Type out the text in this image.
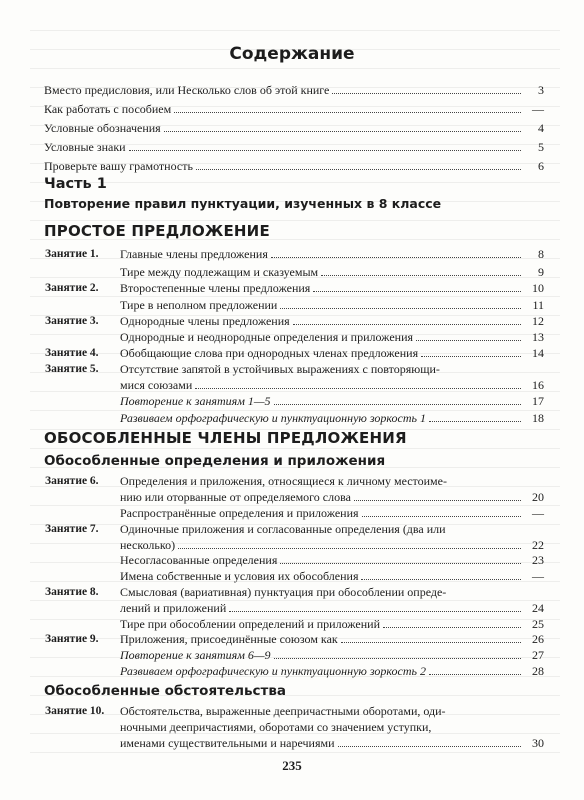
Содержание
Вместо предисловия, или Несколько слов об этой книге	3
Как работать с пособием	—
Условные обозначения	4
Условные знаки	5
Проверьте вашу грамотность	6
Часть 1
Повторение правил пунктуации, изученных в 8 классе
ПРОСТОЕ ПРЕДЛОЖЕНИЕ
Занятие 1. Главные члены предложения	8
Тире между подлежащим и сказуемым	9
Занятие 2. Второстепенные члены предложения	10
Тире в неполном предложении	11
Занятие 3. Однородные члены предложения	12
Однородные и неоднородные определения и приложения	13
Занятие 4. Обобщающие слова при однородных членах предложения	14
Занятие 5. Отсутствие запятой в устойчивых выражениях с повторяющи-
мися союзами	16
Повторение к занятиям 1—5	17
Развиваем орфографическую и пунктуационную зоркость 1	18
ОБОСОБЛЕННЫЕ ЧЛЕНЫ ПРЕДЛОЖЕНИЯ
Обособленные определения и приложения
Занятие 6. Определения и приложения, относящиеся к личному местоиме-
нию или оторванные от определяемого слова	20
Распространённые определения и приложения	—
Занятие 7. Одиночные приложения и согласованные определения (два или
несколько)	22
Несогласованные определения	23
Имена собственные и условия их обособления	—
Занятие 8. Смысловая (вариативная) пунктуация при обособлении опреде-
лений и приложений	24
Тире при обособлении определений и приложений	25
Занятие 9. Приложения, присоединённые союзом как	26
Повторение к занятиям 6—9	27
Развиваем орфографическую и пунктуационную зоркость 2	28
Обособленные обстоятельства
Занятие 10. Обстоятельства, выраженные деепричастными оборотами, оди-
ночными деепричастиями, оборотами со значением уступки,
именами существительными и наречиями	30
235
